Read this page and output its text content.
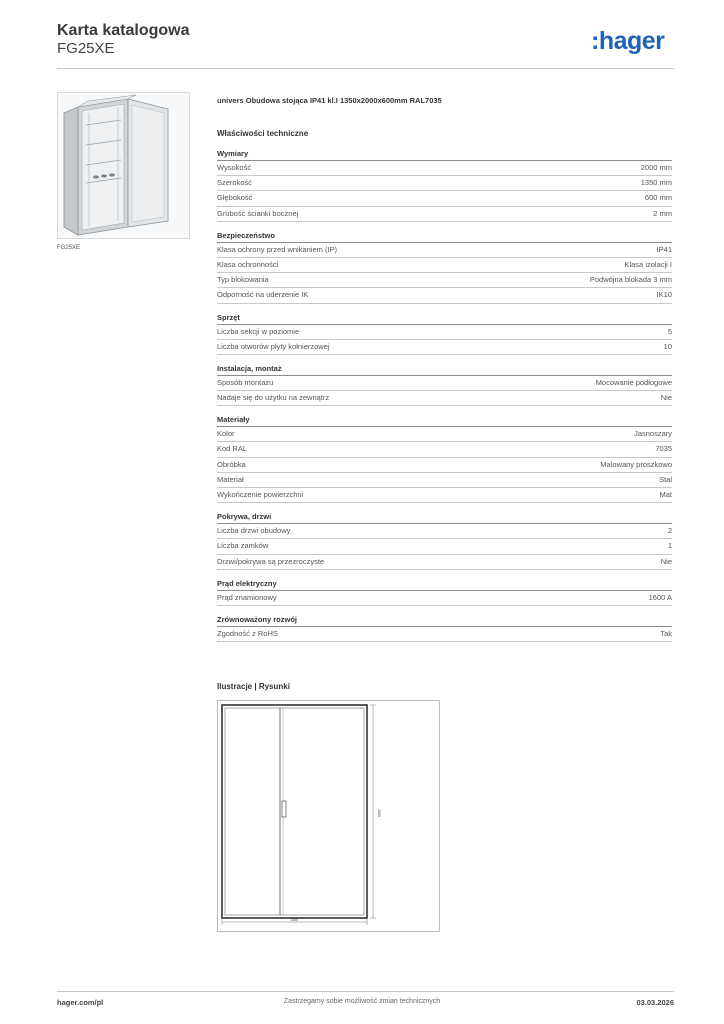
Karta katalogowa
FG25XE	:hager
FG25XE
univers Obudowa stojąca IP41 kl.I 1350x2000x600mm RAL7035
Właściwości techniczne
Wymiary
Wysokość	2000 mm
Szerokość	1350 mm
Głębokość	600 mm
Grubość ścianki bocznej	2 mm
Bezpieczeństwo
Klasa ochrony przed wnikaniem (IP)	IP41
Klasa ochronności	Klasa izolacji I
Typ blokowania	Podwójna blokada 3 mm
Odporność na uderzenie IK	IK10
Sprzęt
Liczba sekcji w poziomie	5
Liczba otworów płyty kołnierzowej	10
Instalacja, montaż
Sposób montażu	Mocowanie podłogowe
Nadaje się do użytku na zewnątrz	Nie
Materiały
Kolor	Jasnoszary
Kod RAL	7035
Obróbka	Malowany proszkowo
Materiał	Stal
Wykończenie powierzchni	Mat
Pokrywa, drzwi
Liczba drzwi obudowy	2
Liczba zamków	1
Drzwi/pokrywa są przezroczyste	Nie
Prąd elektryczny
Prąd znamionowy	1600 A
Zrównoważony rozwój
Zgodność z RoHS	Tak
Ilustracje | Rysunki
1350
2000
hager.com/pl	Zastrzegamy sobie możliwość zmian technicznych	03.03.2026
